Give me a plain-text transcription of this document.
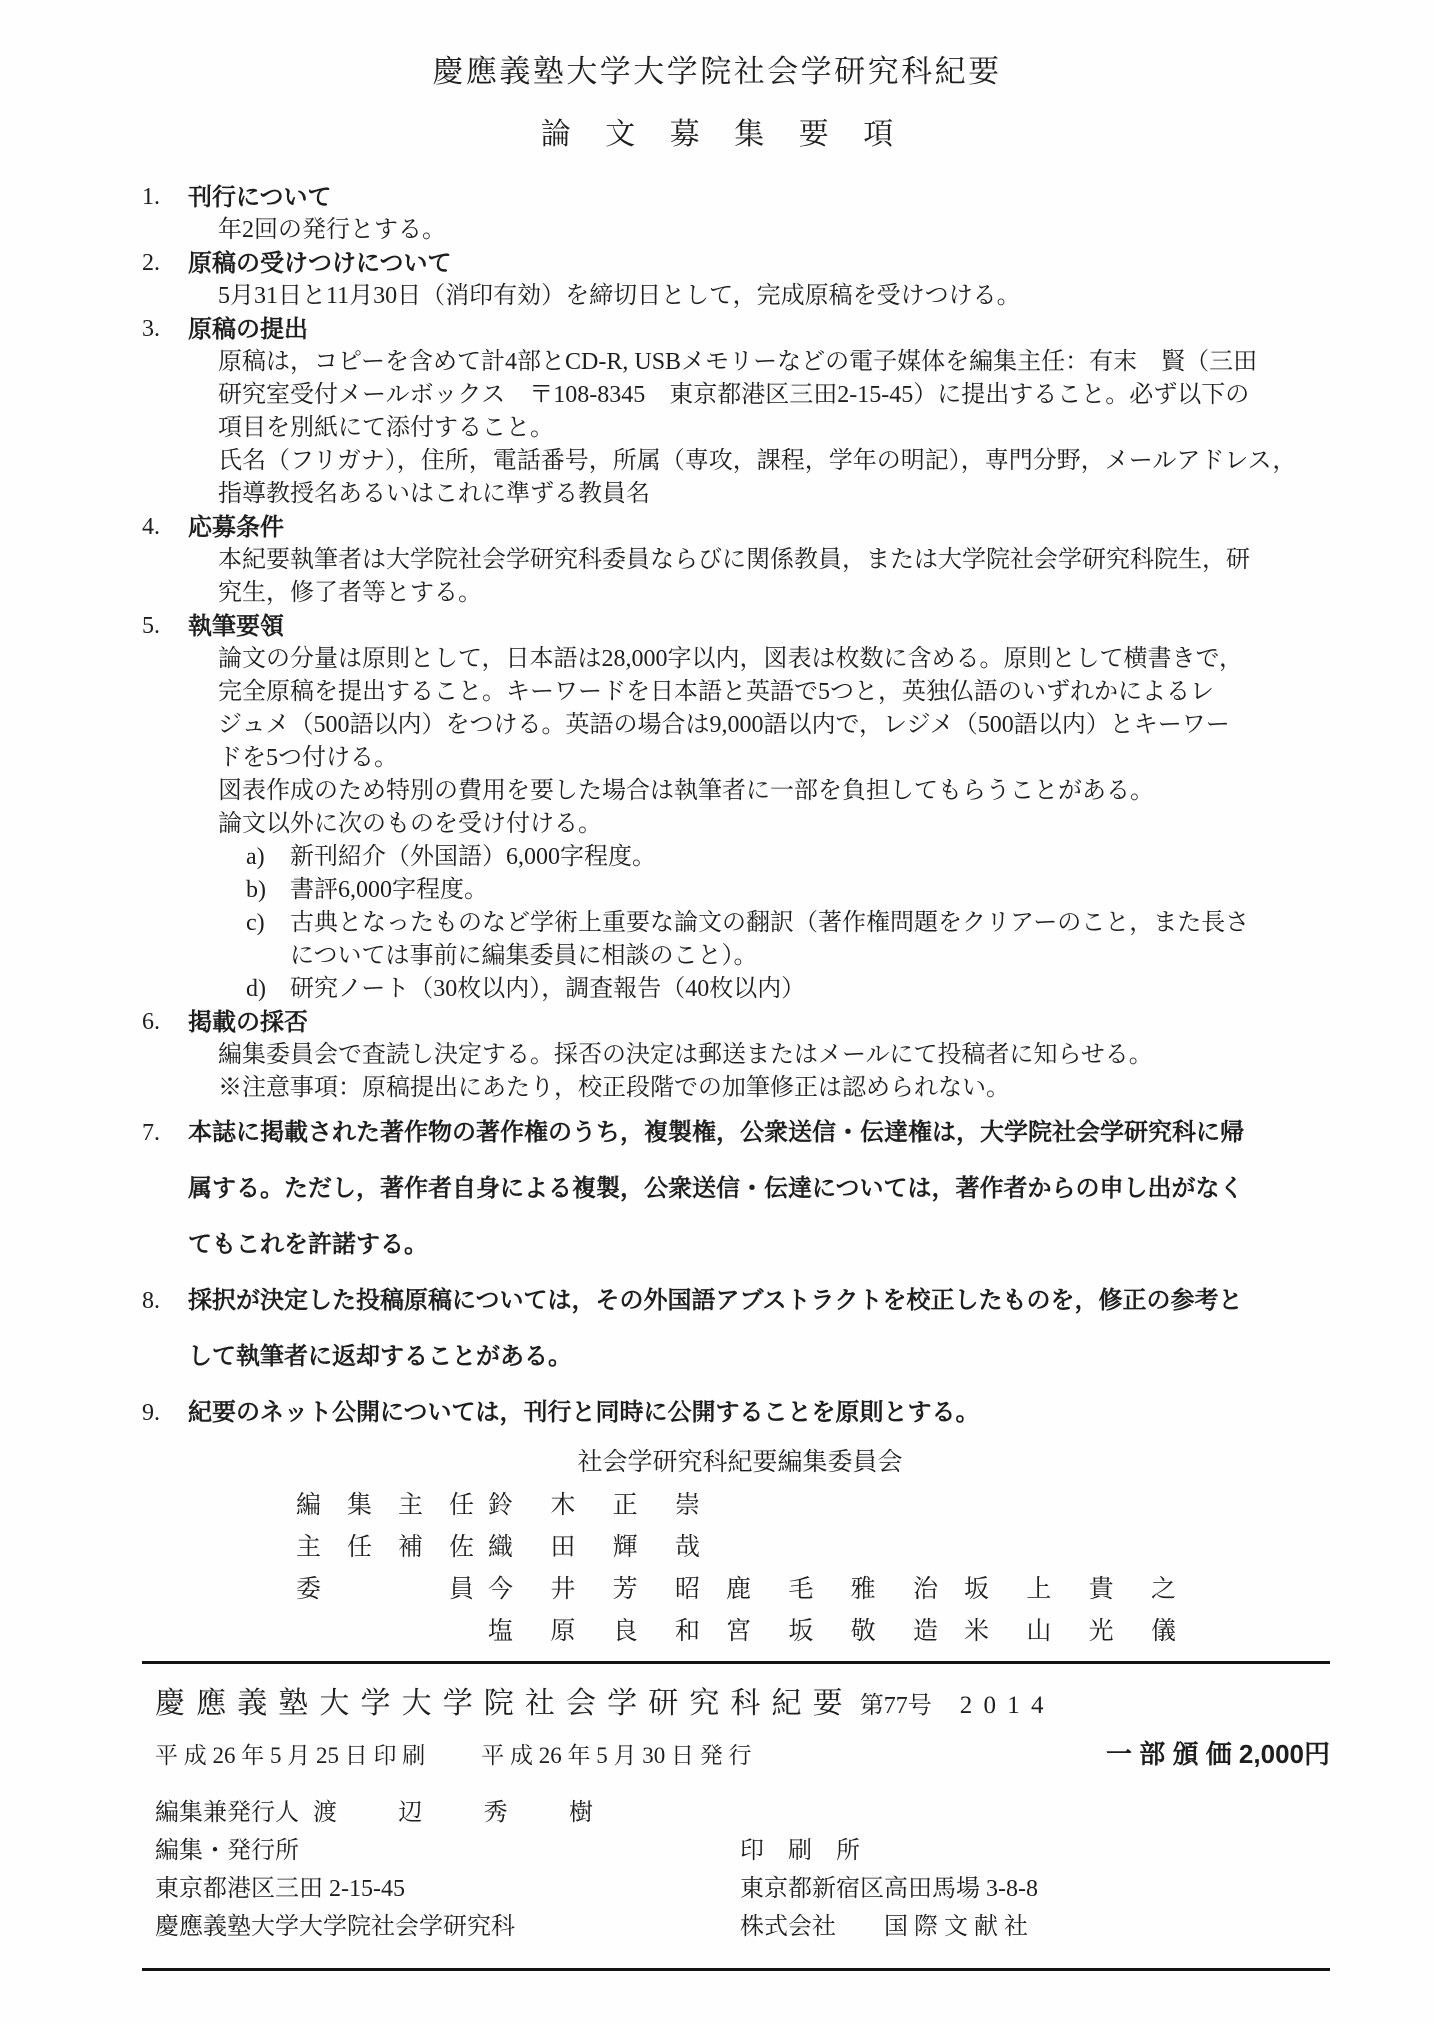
慶應義塾大学大学院社会学研究科紀要
論文募集要項
1.	刊行について
年2回の発行とする。
2.	原稿の受けつけについて
5月31日と11月30日（消印有効）を締切日として，完成原稿を受けつける。
3.	原稿の提出
原稿は，コピーを含めて計4部とCD-R, USBメモリーなどの電子媒体を編集主任：有末　賢（三田
研究室受付メールボックス　〒108-8345　東京都港区三田2-15-45）に提出すること。必ず以下の
項目を別紙にて添付すること。
氏名（フリガナ），住所，電話番号，所属（専攻，課程，学年の明記），専門分野，メールアドレス，
指導教授名あるいはこれに準ずる教員名
4.	応募条件
本紀要執筆者は大学院社会学研究科委員ならびに関係教員，または大学院社会学研究科院生，研
究生，修了者等とする。
5.	執筆要領
論文の分量は原則として，日本語は28,000字以内，図表は枚数に含める。原則として横書きで，
完全原稿を提出すること。キーワードを日本語と英語で5つと，英独仏語のいずれかによるレ
ジュメ（500語以内）をつける。英語の場合は9,000語以内で，レジメ（500語以内）とキーワー
ドを5つ付ける。
図表作成のため特別の費用を要した場合は執筆者に一部を負担してもらうことがある。
論文以外に次のものを受け付ける。
a)	新刊紹介（外国語）6,000字程度。
b)	書評6,000字程度。
c)	古典となったものなど学術上重要な論文の翻訳（著作権問題をクリアーのこと，また長さ
については事前に編集委員に相談のこと）。
d)	研究ノート（30枚以内），調査報告（40枚以内）
6.	掲載の採否
編集委員会で査読し決定する。採否の決定は郵送またはメールにて投稿者に知らせる。
※注意事項：原稿提出にあたり，校正段階での加筆修正は認められない。
7.	本誌に掲載された著作物の著作権のうち，複製権，公衆送信・伝達権は，大学院社会学研究科に帰
属する。ただし，著作者自身による複製，公衆送信・伝達については，著作者からの申し出がなく
てもこれを許諾する。
8.	採択が決定した投稿原稿については，その外国語アブストラクトを校正したものを，修正の参考と
して執筆者に返却することがある。
9.	紀要のネット公開については，刊行と同時に公開することを原則とする。
社会学研究科紀要編集委員会
編集主任 鈴木正崇
主任補佐 織田輝哉
委員 今井芳昭 鹿毛雅治 坂上貴之
塩原良和 宮坂敬造 米山光儀
慶應義塾大学大学院社会学研究科紀要 第77号 2014
平 成 26 年 5 月 25 日 印 刷 平 成 26 年 5 月 30 日 発 行	一 部 頒 価 2,000円
編集兼発行人 渡辺秀樹
編集・発行所	印　刷　所
東京都港区三田 2-15-45	東京都新宿区高田馬場 3-8-8
慶應義塾大学大学院社会学研究科	株式会社　　国 際 文 献 社
